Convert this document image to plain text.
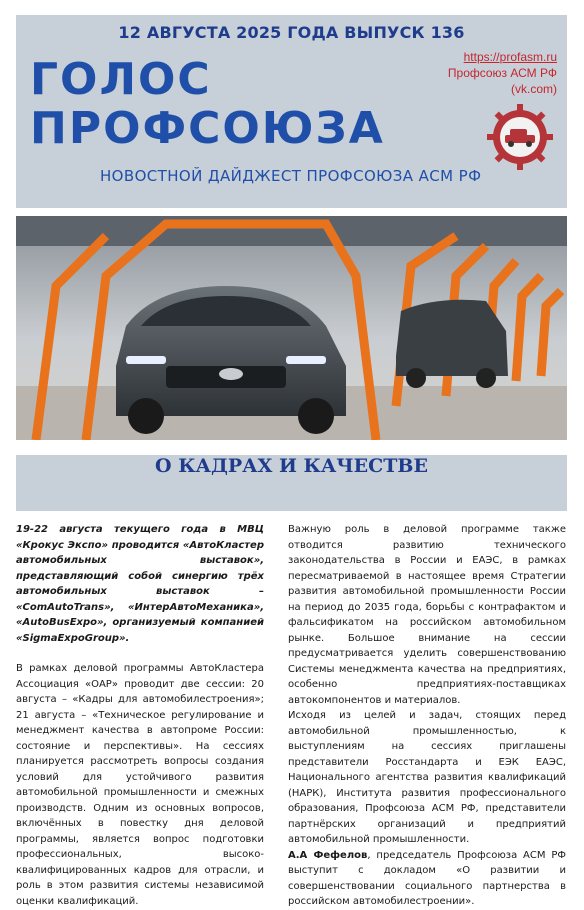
12 АВГУСТА 2025 ГОДА ВЫПУСК 136
ГОЛОС
ПРОФСОЮЗА
НОВОСТНОЙ ДАЙДЖЕСТ ПРОФСОЮЗА АСМ РФ
https://profasm.ru
Профсоюз АСМ РФ
(vk.com)
О КАДРАХ И КАЧЕСТВЕ

19-22 августа текущего года в МВЦ «Крокус Экспо» проводится «АвтоКластер автомобильных выставок», представляющий собой синергию трёх автомобильных выставок – «ComAutoTrans», «ИнтерАвтоМеханика», «AutoBusExpo», организуемый компанией «SigmaExpoGroup».

В рамках деловой программы АвтоКластера Ассоциация «ОАР» проводит две сессии: 20 августа – «Кадры для автомобилестроения»; 21 августа – «Техническое регулирование и менеджмент качества в автопроме России: состояние и перспективы». На сессиях планируется рассмотреть вопросы создания условий для устойчивого развития автомобильной промышленности и смежных производств. Одним из основных вопросов, включённых в повестку дня деловой программы, является вопрос подготовки профессиональных, высоко-квалифицированных кадров для отрасли, и роль в этом развития системы независимой оценки квалификаций.

Важную роль в деловой программе также отводится развитию технического законодательства в России и ЕАЭС, в рамках пересматриваемой в настоящее время Стратегии развития автомобильной промышленности России на период до 2035 года, борьбы с контрафактом и фальсификатом на российском автомобильном рынке. Большое внимание на сессии предусматривается уделить совершенствованию Системы менеджмента качества на предприятиях, особенно предприятиях-поставщиках автокомпонентов и материалов.

Исходя из целей и задач, стоящих перед автомобильной промышленностью, к выступлениям на сессиях приглашены представители Росстандарта и ЕЭК ЕАЭС, Национального агентства развития квалификаций (НАРК), Института развития профессионального образования, Профсоюза АСМ РФ, представители партнёрских организаций и предприятий автомобильной промышленности.

А.А Фефелов, председатель Профсоюза АСМ РФ выступит с докладом «О развитии и совершенствовании социального партнерства в российском автомобилестроении».
